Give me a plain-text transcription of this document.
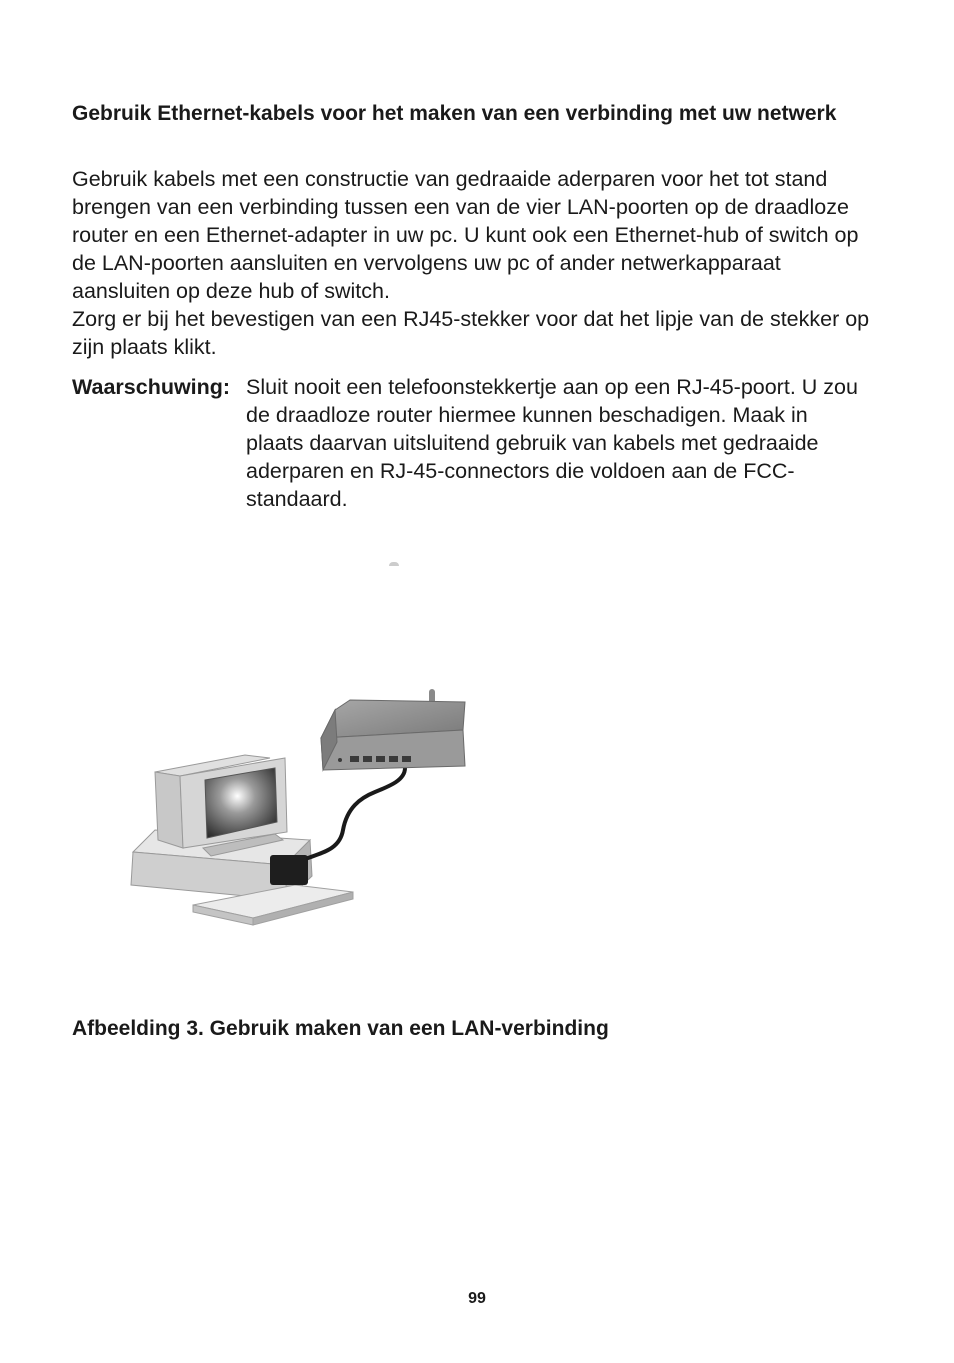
Gebruik Ethernet-kabels voor het maken van een verbinding met uw netwerk

Gebruik kabels met een constructie van gedraaide aderparen voor het tot stand brengen van een verbinding tussen een van de vier LAN-poorten op de draadloze router en een Ethernet-adapter in uw pc. U kunt ook een Ethernet-hub of switch op de LAN-poorten aansluiten en vervolgens uw pc of ander netwerkapparaat aansluiten op deze hub of switch.

Zorg er bij het bevestigen van een RJ45-stekker voor dat het lipje van de stekker op zijn plaats klikt.

Waarschuwing: Sluit nooit een telefoonstekkertje aan op een RJ-45-poort. U zou de draadloze router hiermee kunnen beschadigen. Maak in plaats daarvan uitsluitend gebruik van kabels met gedraaide aderparen en RJ-45-connectors die voldoen aan de FCC-standaard.

Afbeelding 3. Gebruik maken van een LAN-verbinding

99
